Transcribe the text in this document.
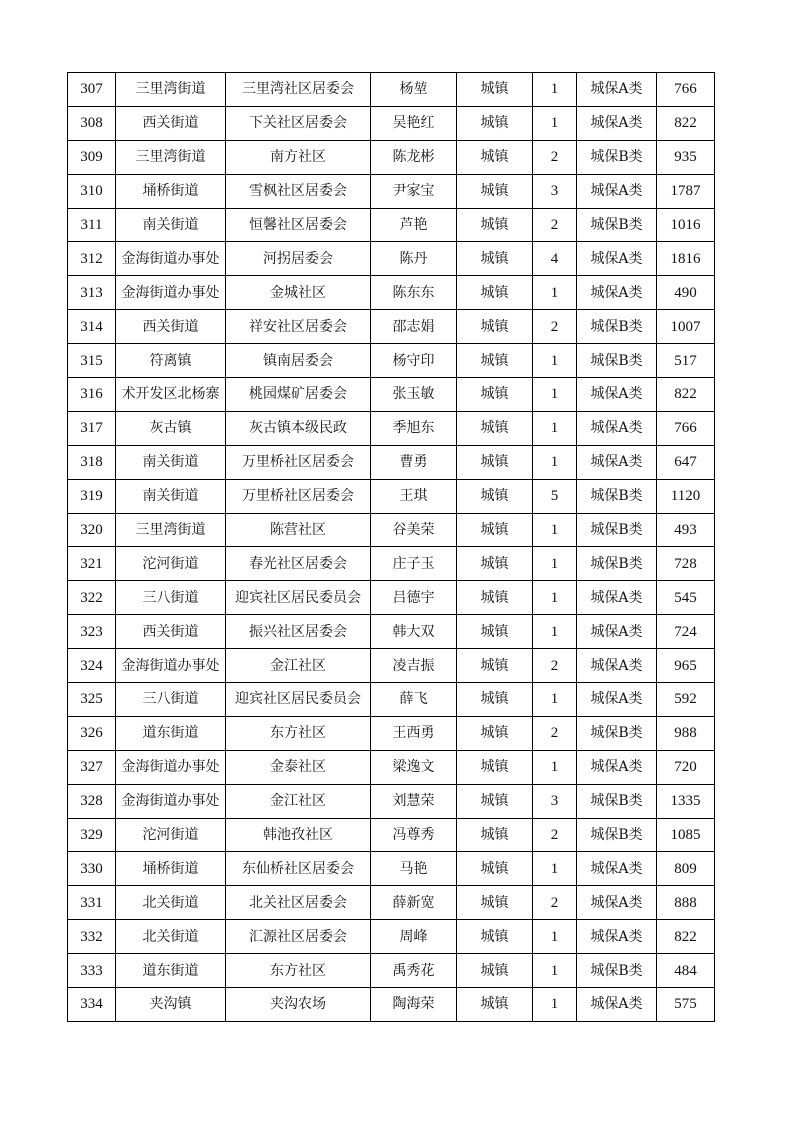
307	三里湾街道	三里湾社区居委会	杨堃	城镇	1	城保A类	766
308	西关街道	下关社区居委会	吴艳红	城镇	1	城保A类	822
309	三里湾街道	南方社区	陈龙彬	城镇	2	城保B类	935
310	埇桥街道	雪枫社区居委会	尹家宝	城镇	3	城保A类	1787
311	南关街道	恒馨社区居委会	芦艳	城镇	2	城保B类	1016
312	金海街道办事处	河拐居委会	陈丹	城镇	4	城保A类	1816
313	金海街道办事处	金城社区	陈东东	城镇	1	城保A类	490
314	西关街道	祥安社区居委会	邵志娟	城镇	2	城保B类	1007
315	符离镇	镇南居委会	杨守印	城镇	1	城保B类	517
316	术开发区北杨寨	桃园煤矿居委会	张玉敏	城镇	1	城保A类	822
317	灰古镇	灰古镇本级民政	季旭东	城镇	1	城保A类	766
318	南关街道	万里桥社区居委会	曹勇	城镇	1	城保A类	647
319	南关街道	万里桥社区居委会	王琪	城镇	5	城保B类	1120
320	三里湾街道	陈营社区	谷美荣	城镇	1	城保B类	493
321	沱河街道	春光社区居委会	庄子玉	城镇	1	城保B类	728
322	三八街道	迎宾社区居民委员会	吕德宇	城镇	1	城保A类	545
323	西关街道	振兴社区居委会	韩大双	城镇	1	城保A类	724
324	金海街道办事处	金江社区	凌吉振	城镇	2	城保A类	965
325	三八街道	迎宾社区居民委员会	薛飞	城镇	1	城保A类	592
326	道东街道	东方社区	王西勇	城镇	2	城保B类	988
327	金海街道办事处	金泰社区	梁逸文	城镇	1	城保A类	720
328	金海街道办事处	金江社区	刘慧荣	城镇	3	城保B类	1335
329	沱河街道	韩池孜社区	冯尊秀	城镇	2	城保B类	1085
330	埇桥街道	东仙桥社区居委会	马艳	城镇	1	城保A类	809
331	北关街道	北关社区居委会	薛新宽	城镇	2	城保A类	888
332	北关街道	汇源社区居委会	周峰	城镇	1	城保A类	822
333	道东街道	东方社区	禹秀花	城镇	1	城保B类	484
334	夹沟镇	夹沟农场	陶海荣	城镇	1	城保A类	575
